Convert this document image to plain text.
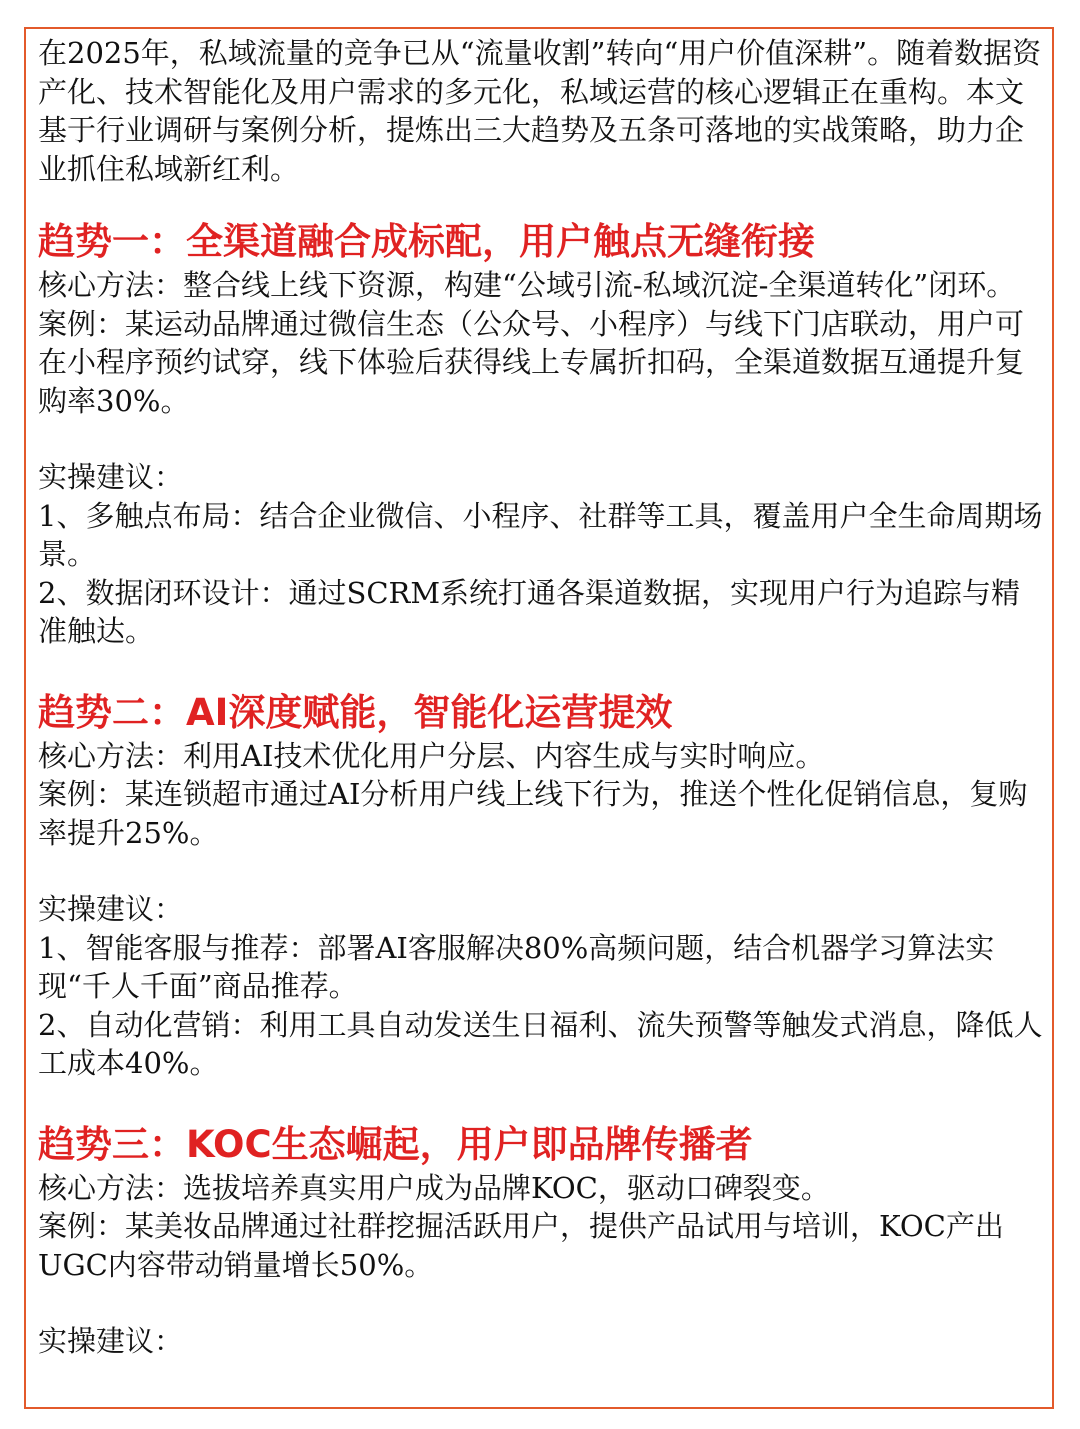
在2025年，私域流量的竞争已从“流量收割”转向“用户价值深耕”。随着数据资产化、技术智能化及用户需求的多元化，私域运营的核心逻辑正在重构。本文基于行业调研与案例分析，提炼出三大趋势及五条可落地的实战策略，助力企业抓住私域新红利。

趋势一：全渠道融合成标配，用户触点无缝衔接

核心方法：整合线上线下资源，构建“公域引流-私域沉淀-全渠道转化”闭环。

案例：某运动品牌通过微信生态（公众号、小程序）与线下门店联动，用户可在小程序预约试穿，线下体验后获得线上专属折扣码，全渠道数据互通提升复购率30%。

实操建议：

1、多触点布局：结合企业微信、小程序、社群等工具，覆盖用户全生命周期场景。

2、数据闭环设计：通过SCRM系统打通各渠道数据，实现用户行为追踪与精准触达。

趋势二：AI深度赋能，智能化运营提效

核心方法：利用AI技术优化用户分层、内容生成与实时响应。

案例：某连锁超市通过AI分析用户线上线下行为，推送个性化促销信息，复购率提升25%。

实操建议：

1、智能客服与推荐：部署AI客服解决80%高频问题，结合机器学习算法实现“千人千面”商品推荐。

2、自动化营销：利用工具自动发送生日福利、流失预警等触发式消息，降低人工成本40%。

趋势三：KOC生态崛起，用户即品牌传播者

核心方法：选拔培养真实用户成为品牌KOC，驱动口碑裂变。

案例：某美妆品牌通过社群挖掘活跃用户，提供产品试用与培训，KOC产出UGC内容带动销量增长50%。

实操建议：
